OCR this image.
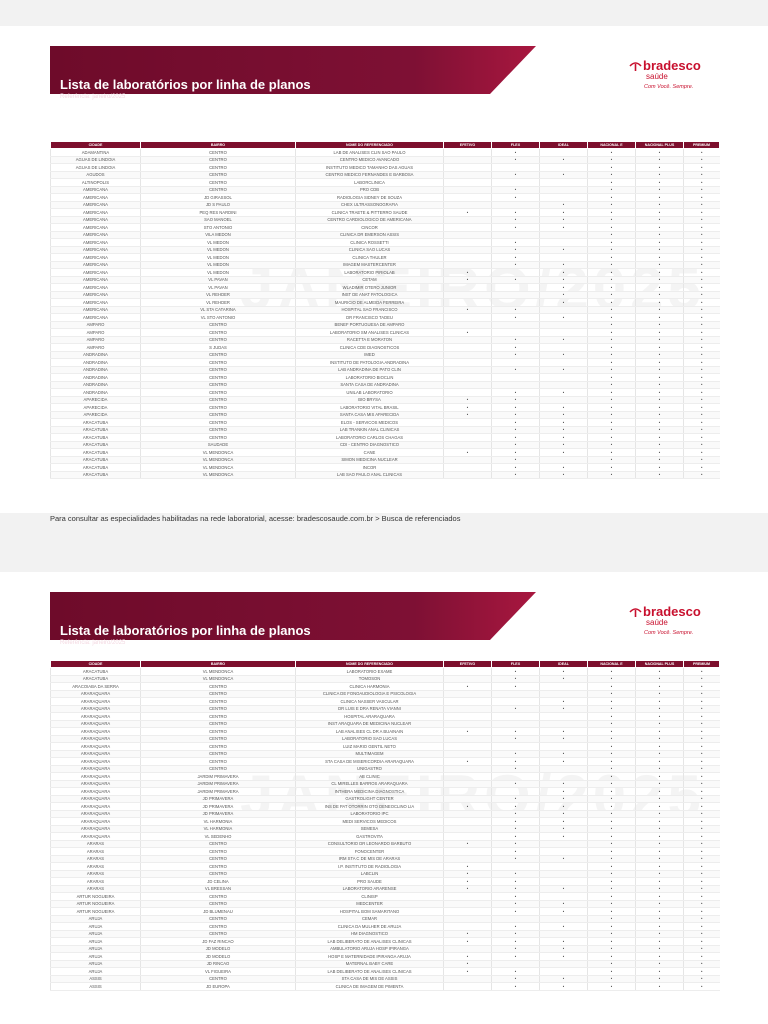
Lista de laboratórios por linha de planos
Referência: janeiro/2025
bradesco
saúde
Com Você. Sempre.
CIDADE	BAIRRO	NOME DO REFERENCIADO	EFETIVO	FLEX	IDEAL	NACIONAL E	NACIONAL PLUS	PREMIUM
ADAMANTINA	CENTRO	LAB DE ANALISES CLIN SAO PAULO		•		•	•	•
AGUAS DE LINDOIA	CENTRO	CENTRO MEDICO AVANCADO		•	•	•	•	•
AGUAS DE LINDOIA	CENTRO	INSTITUTO MEDICO TAMANHO DAS AGUAS				•	•	•
AGUDOS	CENTRO	CENTRO MEDICO FERNANDES E BARBOSA		•	•	•	•	•
ALTINOPOLIS	CENTRO	LABORCLINICA				•	•	•
AMERICANA	CENTRO	PRO CDB		•		•	•	•
AMERICANA	JD GIRASSOL	RADIOLOGIA SIDNEY DE SOUZA		•		•	•	•
AMERICANA	JD S PAULO	CHEX ULTRASSONOGRAFIA			•	•	•	•
AMERICANA	PEQ RES NARDINI	CLINICA TRAETE & PITTERRO SAUDE	•	•	•	•	•	•
AMERICANA	SAO MANOEL	CENTRO CARDIOLOGICO DE AMERICANA		•	•	•	•	•
AMERICANA	STO ANTONIO	CINCOR		•	•	•	•	•
AMERICANA	VILA MEDON	CLINICA DR EMERSON ASSIS				•	•	•
AMERICANA	VL MEDON	CLINICA ROSSETTI		•		•	•	•
AMERICANA	VL MEDON	CLINICA SAO LUCAS		•	•	•	•	•
AMERICANA	VL MEDON	CLINICA THULER		•		•	•	•
AMERICANA	VL MEDON	IMAGEM MASTERCENTER		•	•	•	•	•
AMERICANA	VL MEDON	LABORATORIO PIRIOLAB	•		•	•	•	•
AMERICANA	VL PAVAN	CETAM	•	•	•	•	•	•
AMERICANA	VL PAVAN	WLADIMIR OTERO JUNIOR			•	•	•	•
AMERICANA	VL REHDER	INST DE ANAT PATOLOGICA			•	•	•	•
AMERICANA	VL REHDER	MAURICIO DE ALMEIDA FERREIRA			•	•	•	•
AMERICANA	VL STA CATARINA	HOSPITAL SAO FRANCISCO	•	•		•	•	•
AMERICANA	VL STO ANTONIO	DR FRANCISCO TADEU		•	•	•	•	•
AMPARO	CENTRO	BENEF PORTUGUESA DE AMPARO				•	•	•
AMPARO	CENTRO	LABORATORIO SM ANALISES CLINICAS	•			•	•	•
AMPARO	CENTRO	RACETTA E MORATON		•	•	•	•	•
AMPARO	S JUDAS	CLINICA CDE DIAGNOSTICOS		•		•	•	•
ANDRADINA	CENTRO	IMED		•	•	•	•	•
ANDRADINA	CENTRO	INSTITUTO DE PATOLOGIA ANDRADINA				•	•	•
ANDRADINA	CENTRO	LAB ANDRADINA DE PATO CLIN		•	•	•	•	•
ANDRADINA	CENTRO	LABORATORIO BIOCLIN				•	•	•
ANDRADINA	CENTRO	SANTA CASA DE ANDRADINA				•	•	•
ANDRADINA	CENTRO	UNILAB LABORATORIO		•	•	•	•	•
APARECIDA	CENTRO	BIO BRYSA	•	•		•	•	•
APARECIDA	CENTRO	LABORATORIO VITAL BRASIL	•	•	•	•	•	•
APARECIDA	CENTRO	SANTA CASA MIS APARECIDA	•	•	•	•	•	•
ARACATUBA	CENTRO	ELOS - SERVICOS MEDICOS		•	•	•	•	•
ARACATUBA	CENTRO	LAB TRANKIN ANAL CLINICAS		•	•	•	•	•
ARACATUBA	CENTRO	LABORATORIO CARLOS CHAGAS		•	•	•	•	•
ARACATUBA	SAUDADE	CDI - CENTRO DIAGNOSTICO		•	•	•	•	•
ARACATUBA	VL MENDONCA	CANE	•	•	•	•	•	•
ARACATUBA	VL MENDONCA	SIMON MEDICINA NUCLEAR		•		•	•	•
ARACATUBA	VL MENDONCA	INCOR		•	•	•	•	•
ARACATUBA	VL MENDONCA	LAB SAO PAULO ANAL CLINICAS		•	•	•	•	•
Para consultar as especialidades habilitadas na rede laboratorial, acesse: bradescosaude.com.br > Busca de referenciados
Lista de laboratórios por linha de planos
Referência: janeiro/2025
bradesco
saúde
Com Você. Sempre.
CIDADE	BAIRRO	NOME DO REFERENCIADO	EFETIVO	FLEX	IDEAL	NACIONAL E	NACIONAL PLUS	PREMIUM
ARACATUBA	VL MENDONCA	LABORATORIO EXAME		•	•	•	•	•
ARACATUBA	VL MENDONCA	TOMOSON		•	•	•	•	•
ARACOIABA DA SERRA	CENTRO	CLINICA HARMONIA	•	•		•	•	•
ARARAQUARA	CENTRO	CLINICA DE FONOAUDIOLOGIA E PSICOLOGIA				•	•	•
ARARAQUARA	CENTRO	CLINICA NASSER VASCULAR			•	•	•	•
ARARAQUARA	CENTRO	DR LUIS E DRA RENATA VIANNI		•	•	•	•	•
ARARAQUARA	CENTRO	HOSPITAL ARARAQUARA				•	•	•
ARARAQUARA	CENTRO	INST ARAQUARA DE MEDICINA NUCLEAR				•	•	•
ARARAQUARA	CENTRO	LAB ANALISES CL DR A BUAINAIN	•	•	•	•	•	•
ARARAQUARA	CENTRO	LABORATORIO SAO LUCAS		•	•	•	•	•
ARARAQUARA	CENTRO	LUIZ MARIO GENTIL NETO				•	•	•
ARARAQUARA	CENTRO	MULTIMAGEM		•	•	•	•	•
ARARAQUARA	CENTRO	STA CASA DE MISERICORDIA ARARAQUARA	•	•	•	•	•	•
ARARAQUARA	CENTRO	UNIGASTRO		•		•	•	•
ARARAQUARA	JARDIM PRIMAVERA	AB CLINIC				•	•	•
ARARAQUARA	JARDIM PRIMAVERA	CL MIRELLES BARROS ARARAQUARA		•	•	•	•	•
ARARAQUARA	JARDIM PRIMAVERA	INTHERA MEDICINA DIAGNOSTICA			•	•	•	•
ARARAQUARA	JD PRIMAVERA	GASTROLIGHT CENTER		•	•	•	•	•
ARARAQUARA	JD PRIMAVERA	INS DE PAT OTORRIN OTO DENEOCLINO LIA	•	•	•	•	•	•
ARARAQUARA	JD PRIMAVERA	LABORATORIO IPC		•	•	•	•	•
ARARAQUARA	VL HARMONIA	MEDI SERVICOS MEDICOS		•	•	•	•	•
ARARAQUARA	VL HARMONIA	SEMESA		•	•	•	•	•
ARARAQUARA	VL SEDENHO	GASTROVITA		•	•	•	•	•
ARARAS	CENTRO	CONSULTORIO DR LEONARDO BARBUTO	•	•		•	•	•
ARARAS	CENTRO	FONOCENTER		•		•	•	•
ARARAS	CENTRO	IRM STA C DE MIS DE ARARAS		•	•	•	•	•
ARARAS	CENTRO	I.P. INSTITUTO DE RADIOLOGIA	•			•	•	•
ARARAS	CENTRO	LABCLIN	•	•		•	•	•
ARARAS	JD CELINA	PRO SAUDE	•	•		•	•	•
ARARAS	VL BRESSAN	LABORATORIO ARARENSE	•	•	•	•	•	•
ARTUR NOGUEIRA	CENTRO	CLINISP		•		•	•	•
ARTUR NOGUEIRA	CENTRO	MEDCENTER		•	•	•	•	•
ARTUR NOGUEIRA	JD BLUMENAU	HOSPITAL BOM SAMARITANO		•	•	•	•	•
ARUJA	CENTRO	CEMAR				•	•	•
ARUJA	CENTRO	CLINICA DA MULHER DE ARUJA		•	•	•	•	•
ARUJA	CENTRO	HM DIAGNOSTICO	•	•		•	•	•
ARUJA	JD FAZ RINCAO	LAB DELIBERATO DE ANALISES CLINICAS	•	•	•	•	•	•
ARUJA	JD MODELO	AMBULATORIO ARUJA HOSP IPIRANGA		•	•	•	•	•
ARUJA	JD MODELO	HOSP E MATERNIDADE IPIRANGA ARUJA	•	•	•	•	•	•
ARUJA	JD RINCAO	MATERNAL BABY CARE	•			•	•	•
ARUJA	VL FIGUEIRA	LAB DELIBERATO DE ANALISES CLINICAS	•	•		•	•	•
ASSIS	CENTRO	STA CASA DE MIS DE ASSIS		•	•	•	•	•
ASSIS	JD EUROPA	CLINICA DE IMAGEM DE PIMENTA		•	•	•	•	•
